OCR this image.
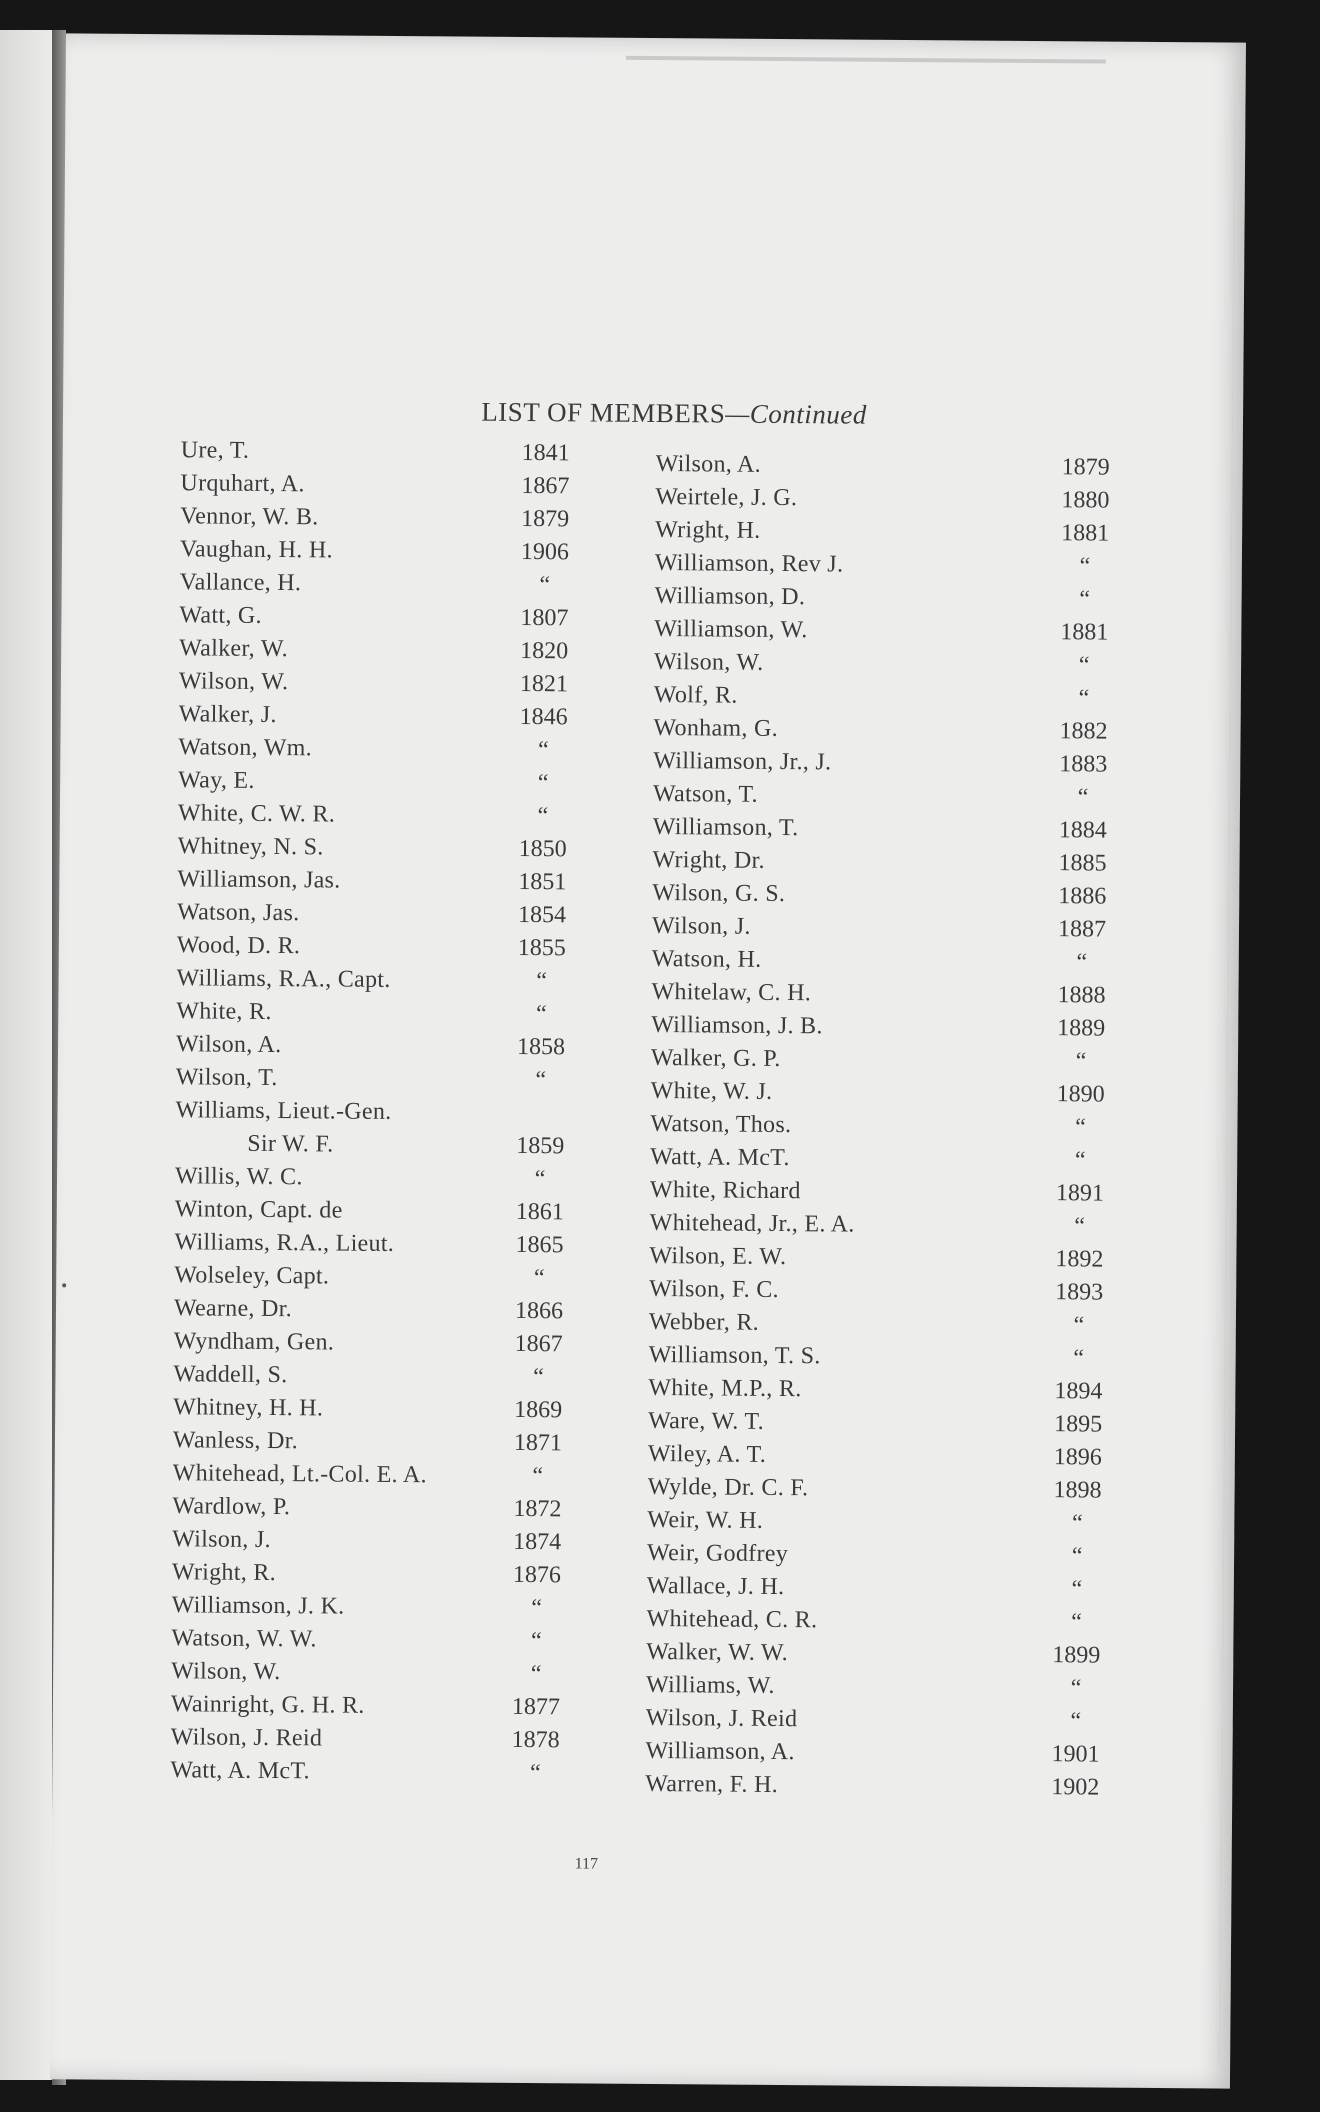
LIST OF MEMBERS—Continued
Ure, T.	1841
Urquhart, A.	1867
Vennor, W. B.	1879
Vaughan, H. H.	1906
Vallance, H.	“
Watt, G.	1807
Walker, W.	1820
Wilson, W.	1821
Walker, J.	1846
Watson, Wm.	“
Way, E.	“
White, C. W. R.	“
Whitney, N. S.	1850
Williamson, Jas.	1851
Watson, Jas.	1854
Wood, D. R.	1855
Williams, R.A., Capt.	“
White, R.	“
Wilson, A.	1858
Wilson, T.	“
Williams, Lieut.-Gen.
Sir W. F.	1859
Willis, W. C.	“
Winton, Capt. de	1861
Williams, R.A., Lieut.	1865
Wolseley, Capt.	“
Wearne, Dr.	1866
Wyndham, Gen.	1867
Waddell, S.	“
Whitney, H. H.	1869
Wanless, Dr.	1871
Whitehead, Lt.-Col. E. A.	“
Wardlow, P.	1872
Wilson, J.	1874
Wright, R.	1876
Williamson, J. K.	“
Watson, W. W.	“
Wilson, W.	“
Wainright, G. H. R.	1877
Wilson, J. Reid	1878
Watt, A. McT.	“
Wilson, A.	1879
Weirtele, J. G.	1880
Wright, H.	1881
Williamson, Rev J.	“
Williamson, D.	“
Williamson, W.	1881
Wilson, W.	“
Wolf, R.	“
Wonham, G.	1882
Williamson, Jr., J.	1883
Watson, T.	“
Williamson, T.	1884
Wright, Dr.	1885
Wilson, G. S.	1886
Wilson, J.	1887
Watson, H.	“
Whitelaw, C. H.	1888
Williamson, J. B.	1889
Walker, G. P.	“
White, W. J.	1890
Watson, Thos.	“
Watt, A. McT.	“
White, Richard	1891
Whitehead, Jr., E. A.	“
Wilson, E. W.	1892
Wilson, F. C.	1893
Webber, R.	“
Williamson, T. S.	“
White, M.P., R.	1894
Ware, W. T.	1895
Wiley, A. T.	1896
Wylde, Dr. C. F.	1898
Weir, W. H.	“
Weir, Godfrey	“
Wallace, J. H.	“
Whitehead, C. R.	“
Walker, W. W.	1899
Williams, W.	“
Wilson, J. Reid	“
Williamson, A.	1901
Warren, F. H.	1902
117
